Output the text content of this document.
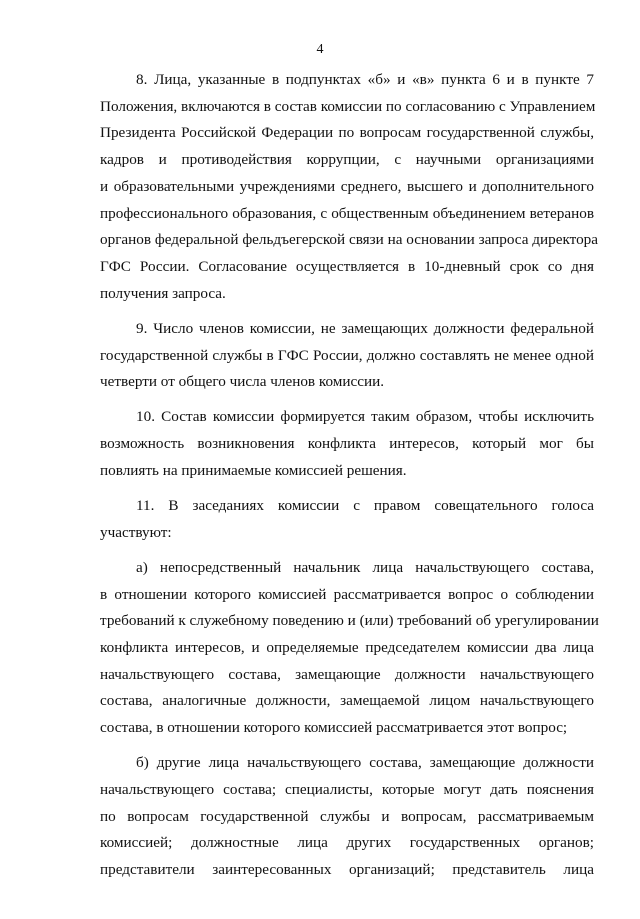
4

8. Лица, указанные в подпунктах «б» и «в» пункта 6 и в пункте 7
Положения, включаются в состав комиссии по согласованию с Управлением
Президента Российской Федерации по вопросам государственной службы,
кадров и противодействия коррупции, с научными организациями
и образовательными учреждениями среднего, высшего и дополнительного
профессионального образования, с общественным объединением ветеранов
органов федеральной фельдъегерской связи на основании запроса директора
ГФС России. Согласование осуществляется в 10-дневный срок со дня
получения запроса.

9. Число членов комиссии, не замещающих должности федеральной
государственной службы в ГФС России, должно составлять не менее одной
четверти от общего числа членов комиссии.

10. Состав комиссии формируется таким образом, чтобы исключить
возможность возникновения конфликта интересов, который мог бы
повлиять на принимаемые комиссией решения.

11. В заседаниях комиссии с правом совещательного голоса
участвуют:

а) непосредственный начальник лица начальствующего состава,
в отношении которого комиссией рассматривается вопрос о соблюдении
требований к служебному поведению и (или) требований об урегулировании
конфликта интересов, и определяемые председателем комиссии два лица
начальствующего состава, замещающие должности начальствующего
состава, аналогичные должности, замещаемой лицом начальствующего
состава, в отношении которого комиссией рассматривается этот вопрос;

б) другие лица начальствующего состава, замещающие должности
начальствующего состава; специалисты, которые могут дать пояснения
по вопросам государственной службы и вопросам, рассматриваемым
комиссией; должностные лица других государственных органов;
представители заинтересованных организаций; представитель лица
